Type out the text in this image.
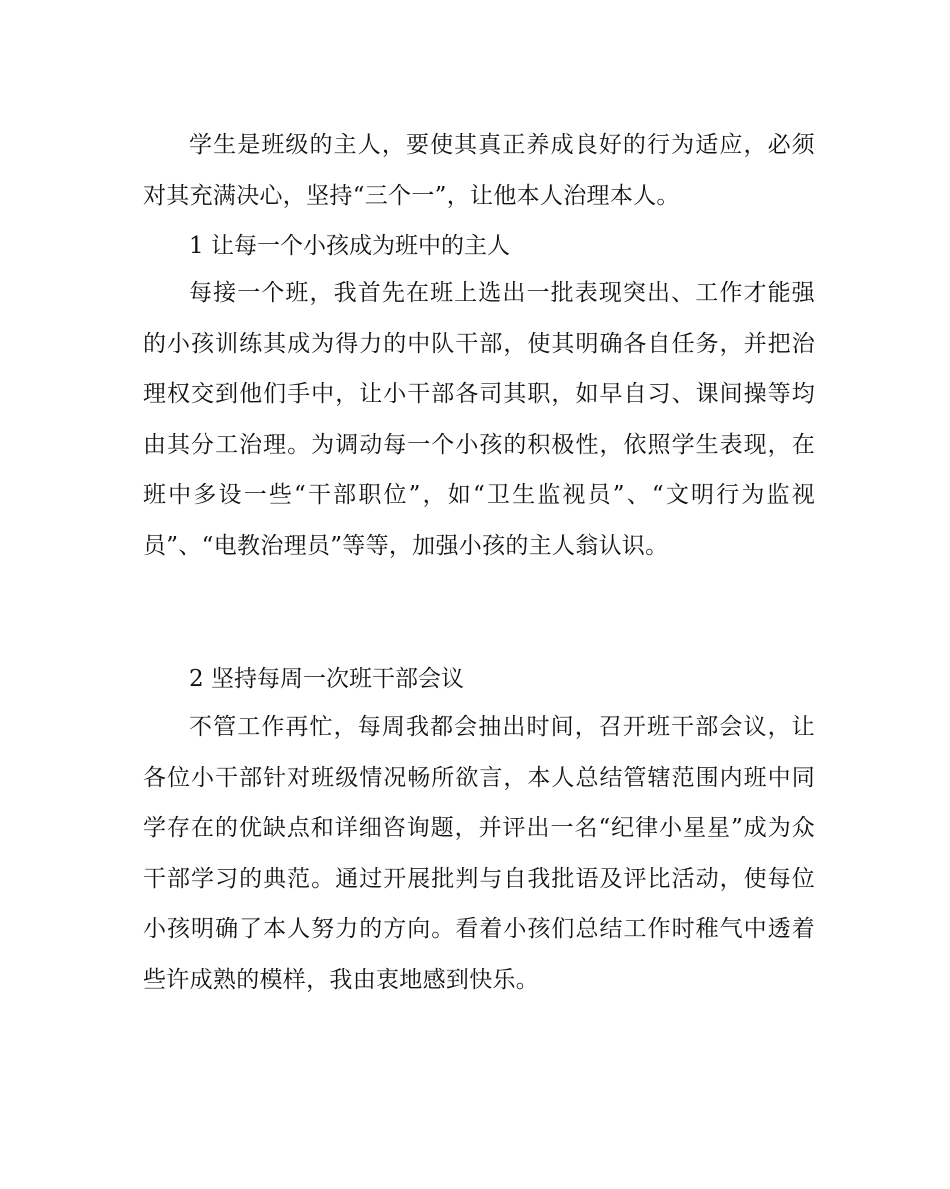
学生是班级的主人，要使其真正养成良好的行为适应，必须对其充满决心，坚持“三个一”，让他本人治理本人。

1 让每一个小孩成为班中的主人

每接一个班，我首先在班上选出一批表现突出、工作才能强的小孩训练其成为得力的中队干部，使其明确各自任务，并把治理权交到他们手中，让小干部各司其职，如早自习、课间操等均由其分工治理。为调动每一个小孩的积极性，依照学生表现，在班中多设一些“干部职位”，如“卫生监视员”、“文明行为监视员”、“电教治理员”等等，加强小孩的主人翁认识。

2 坚持每周一次班干部会议

不管工作再忙，每周我都会抽出时间，召开班干部会议，让各位小干部针对班级情况畅所欲言，本人总结管辖范围内班中同学存在的优缺点和详细咨询题，并评出一名“纪律小星星”成为众干部学习的典范。通过开展批判与自我批语及评比活动，使每位小孩明确了本人努力的方向。看着小孩们总结工作时稚气中透着些许成熟的模样，我由衷地感到快乐。
